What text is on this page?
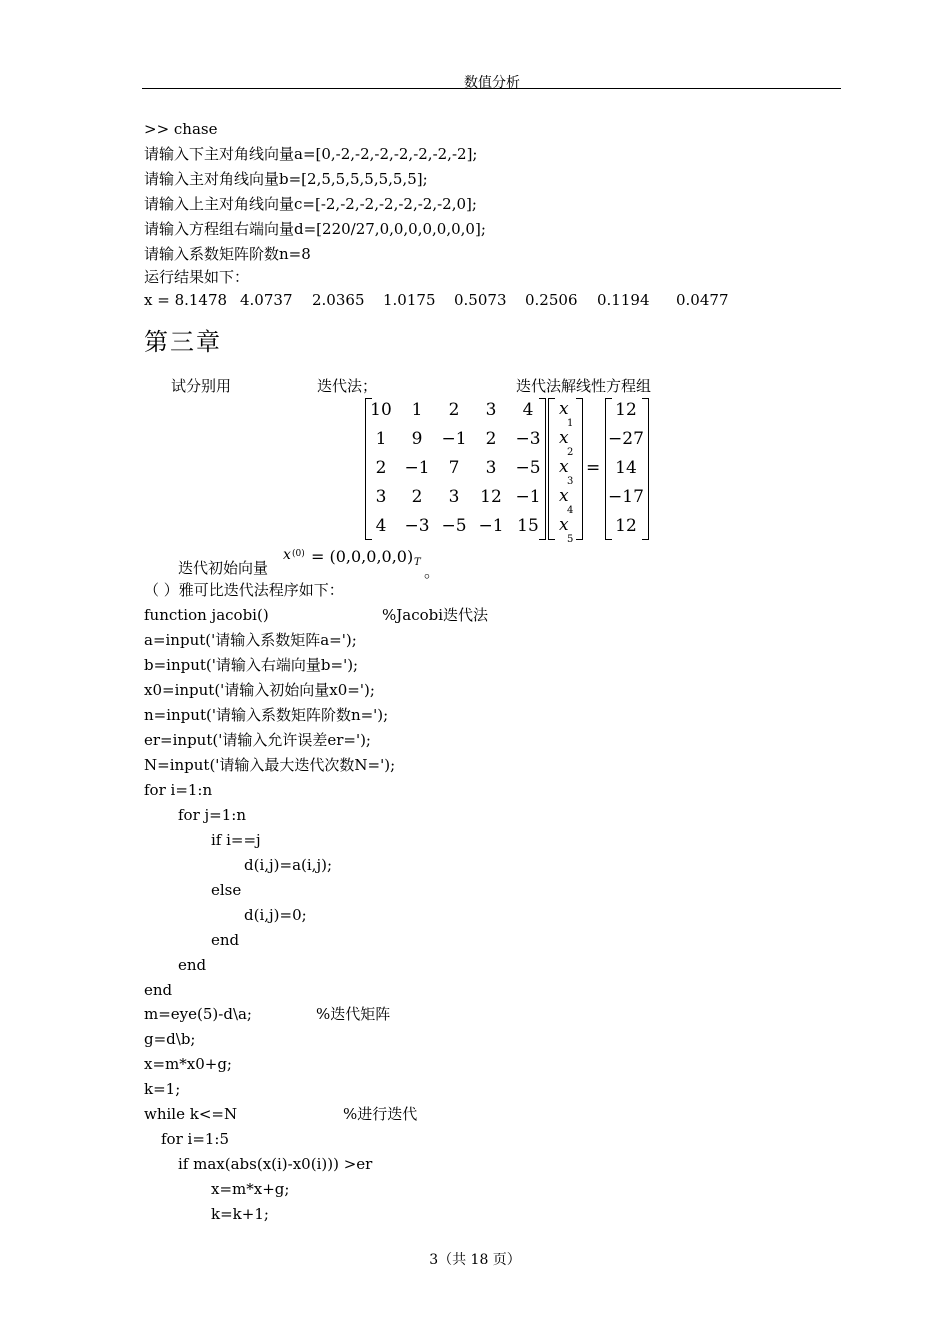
数值分析
>> chase
请输入下主对角线向量a=[0,-2,-2,-2,-2,-2,-2,-2];
请输入主对角线向量b=[2,5,5,5,5,5,5,5];
请输入上主对角线向量c=[-2,-2,-2,-2,-2,-2,-2,0];
请输入方程组右端向量d=[220/27,0,0,0,0,0,0,0];
请输入系数矩阵阶数n=8
运行结果如下：

x = 8.1478

4.0737

2.0365

1.0175

0.5073

0.2506

0.1194

0.0477

第三章
试分别用	迭代法；	迭代法解线性方程组
10	1	2	3	4
1	9	−1	2	−3
2	−1	7	3	−5
3	2	3	12 −1
4	−3 −5 −1 15
x
1
x
2
x
3
x
4
x
5
=
12
−27
14
−17
12
迭代初始向量
x (0) = (0,0,0,0,0) T 。
（ ）雅可比迭代法程序如下：
function jacobi()	%Jacobi迭代法
a=input('请输入系数矩阵a=');
b=input('请输入右端向量b=');
x0=input('请输入初始向量x0=');
n=input('请输入系数矩阵阶数n=');
er=input('请输入允许误差er=');
N=input('请输入最大迭代次数N=');
for i=1:n
for j=1:n
if i==j
d(i,j)=a(i,j);
else
d(i,j)=0;
end
end
end
m=eye(5)-d\a;	%迭代矩阵
g=d\b;
x=m*x0+g;
k=1;
while k<=N	%进行迭代
for i=1:5
if max(abs(x(i)-x0(i))) >er
x=m*x+g;
k=k+1;
3（共 18 页）
